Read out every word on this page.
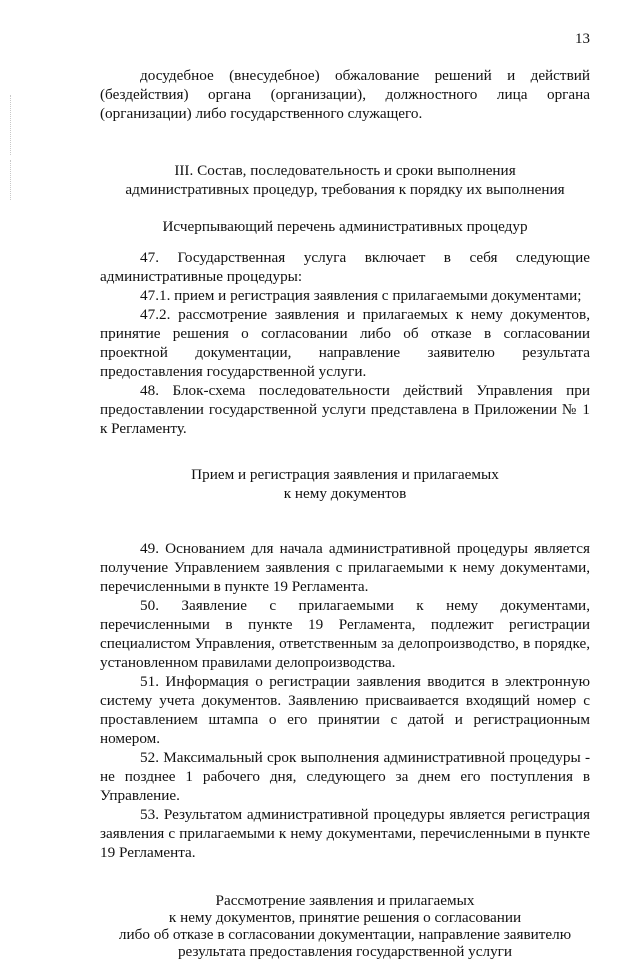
13

досудебное (внесудебное) обжалование решений и действий (бездействия) органа (организации), должностного лица органа (организации) либо государственного служащего.

III. Состав, последовательность и сроки выполнения

административных процедур, требования к порядку их выполнения

Исчерпывающий перечень административных процедур

47. Государственная услуга включает в себя следующие административные процедуры:

47.1. прием и регистрация заявления с прилагаемыми документами;

47.2. рассмотрение заявления и прилагаемых к нему документов, принятие решения о согласовании либо об отказе в согласовании проектной документации, направление заявителю результата предоставления государственной услуги.

48. Блок-схема последовательности действий Управления при предоставлении государственной услуги представлена в Приложении № 1 к Регламенту.

Прием и регистрация заявления и прилагаемых

к нему документов

49. Основанием для начала административной процедуры является получение Управлением заявления с прилагаемыми к нему документами, перечисленными в пункте 19 Регламента.

50. Заявление с прилагаемыми к нему документами, перечисленными в пункте 19 Регламента, подлежит регистрации специалистом Управления, ответственным за делопроизводство, в порядке, установленном правилами делопроизводства.

51. Информация о регистрации заявления вводится в электронную систему учета документов. Заявлению присваивается входящий номер с проставлением штампа о его принятии с датой и регистрационным номером.

52. Максимальный срок выполнения административной процедуры - не позднее 1 рабочего дня, следующего за днем его поступления в Управление.

53. Результатом административной процедуры является регистрация заявления с прилагаемыми к нему документами, перечисленными в пункте 19 Регламента.

Рассмотрение заявления и прилагаемых

к нему документов, принятие решения о согласовании

либо об отказе в согласовании документации, направление заявителю

результата предоставления государственной услуги
